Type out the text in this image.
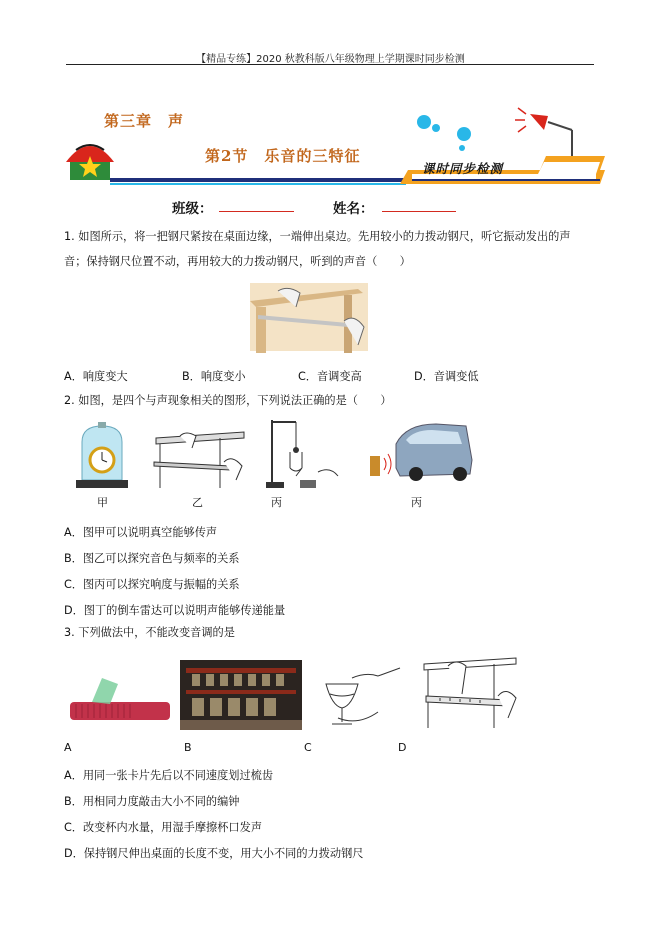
【精品专练】2020 秋教科版八年级物理上学期课时同步检测
第三章　声
第2节　乐音的三特征
课时同步检测
班级：	姓名：
1. 如图所示，将一把钢尺紧按在桌面边缘，一端伸出桌边。先用较小的力拨动钢尺，听它振动发出的声
音；保持钢尺位置不动，再用较大的力拨动钢尺，听到的声音（　　）
A．响度变大	B．响度变小	C．音调变高	D．音调变低
2. 如图，是四个与声现象相关的图形，下列说法正确的是（　　）
甲	乙	丙	丙
A．图甲可以说明真空能够传声
B．图乙可以探究音色与频率的关系
C．图丙可以探究响度与振幅的关系
D．图丁的倒车雷达可以说明声能够传递能量
3. 下列做法中，不能改变音调的是
A	B	C	D
A．用同一张卡片先后以不同速度划过梳齿
B．用相同力度敲击大小不同的编钟
C．改变杯内水量，用湿手摩擦杯口发声
D．保持钢尺伸出桌面的长度不变，用大小不同的力拨动钢尺
